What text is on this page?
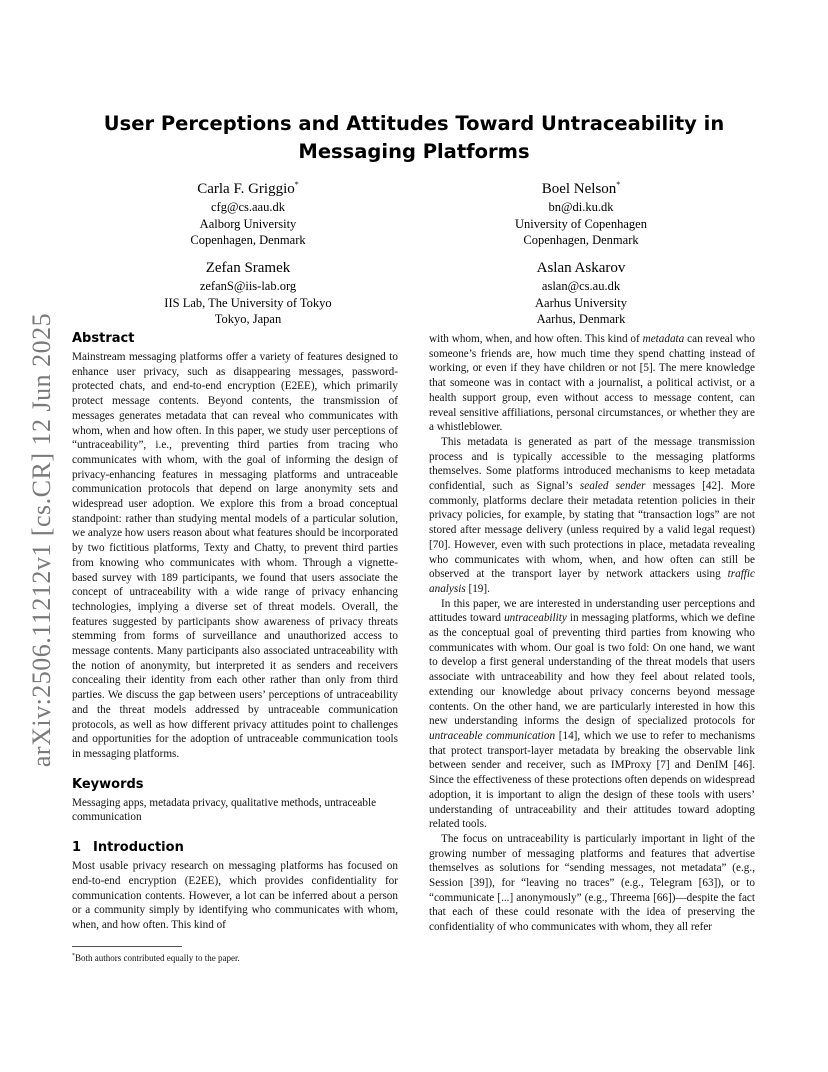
arXiv:2506.11212v1 [cs.CR] 12 Jun 2025
User Perceptions and Attitudes Toward Untraceability in Messaging Platforms
Carla F. Griggio*
cfg@cs.aau.dk
Aalborg University
Copenhagen, Denmark
Boel Nelson*
bn@di.ku.dk
University of Copenhagen
Copenhagen, Denmark
Zefan Sramek
zefanS@iis-lab.org
IIS Lab, The University of Tokyo
Tokyo, Japan
Aslan Askarov
aslan@cs.au.dk
Aarhus University
Aarhus, Denmark
Abstract

Mainstream messaging platforms offer a variety of features designed to enhance user privacy, such as disappearing messages, password-protected chats, and end-to-end encryption (E2EE), which primarily protect message contents. Beyond contents, the transmission of messages generates metadata that can reveal who communicates with whom, when and how often. In this paper, we study user perceptions of “untraceability”, i.e., preventing third parties from tracing who communicates with whom, with the goal of informing the design of privacy-enhancing features in messaging platforms and untraceable communication protocols that depend on large anonymity sets and widespread user adoption. We explore this from a broad conceptual standpoint: rather than studying mental models of a particular solution, we analyze how users reason about what features should be incorporated by two fictitious platforms, Texty and Chatty, to prevent third parties from knowing who communicates with whom. Through a vignette-based survey with 189 participants, we found that users associate the concept of untraceability with a wide range of privacy enhancing technologies, implying a diverse set of threat models. Overall, the features suggested by participants show awareness of privacy threats stemming from forms of surveillance and unauthorized access to message contents. Many participants also associated untraceability with the notion of anonymity, but interpreted it as senders and receivers concealing their identity from each other rather than only from third parties. We discuss the gap between users’ perceptions of untraceability and the threat models addressed by untraceable communication protocols, as well as how different privacy attitudes point to challenges and opportunities for the adoption of untraceable communication tools in messaging platforms.

Keywords

Messaging apps, metadata privacy, qualitative methods, untraceable communication

1 Introduction

Most usable privacy research on messaging platforms has focused on end-to-end encryption (E2EE), which provides confidentiality for communication contents. However, a lot can be inferred about a person or a community simply by identifying who communicates with whom, when, and how often. This kind of

with whom, when, and how often. This kind of metadata can reveal who someone’s friends are, how much time they spend chatting instead of working, or even if they have children or not [5]. The mere knowledge that someone was in contact with a journalist, a political activist, or a health support group, even without access to message content, can reveal sensitive affiliations, personal circumstances, or whether they are a whistleblower.

This metadata is generated as part of the message transmission process and is typically accessible to the messaging platforms themselves. Some platforms introduced mechanisms to keep metadata confidential, such as Signal’s sealed sender messages [42]. More commonly, platforms declare their metadata retention policies in their privacy policies, for example, by stating that “transaction logs” are not stored after message delivery (unless required by a valid legal request) [70]. However, even with such protections in place, metadata revealing who communicates with whom, when, and how often can still be observed at the transport layer by network attackers using traffic analysis [19].

In this paper, we are interested in understanding user perceptions and attitudes toward untraceability in messaging platforms, which we define as the conceptual goal of preventing third parties from knowing who communicates with whom. Our goal is two fold: On one hand, we want to develop a first general understanding of the threat models that users associate with untraceability and how they feel about related tools, extending our knowledge about privacy concerns beyond message contents. On the other hand, we are particularly interested in how this new understanding informs the design of specialized protocols for untraceable communication [14], which we use to refer to mechanisms that protect transport-layer metadata by breaking the observable link between sender and receiver, such as IMProxy [7] and DenIM [46]. Since the effectiveness of these protections often depends on widespread adoption, it is important to align the design of these tools with users’ understanding of untraceability and their attitudes toward adopting related tools.

The focus on untraceability is particularly important in light of the growing number of messaging platforms and features that advertise themselves as solutions for “sending messages, not metadata” (e.g., Session [39]), for “leaving no traces” (e.g., Telegram [63]), or to “communicate [...] anonymously” (e.g., Threema [66])—despite the fact that each of these could resonate with the idea of preserving the confidentiality of who communicates with whom, they all refer

*Both authors contributed equally to the paper.
